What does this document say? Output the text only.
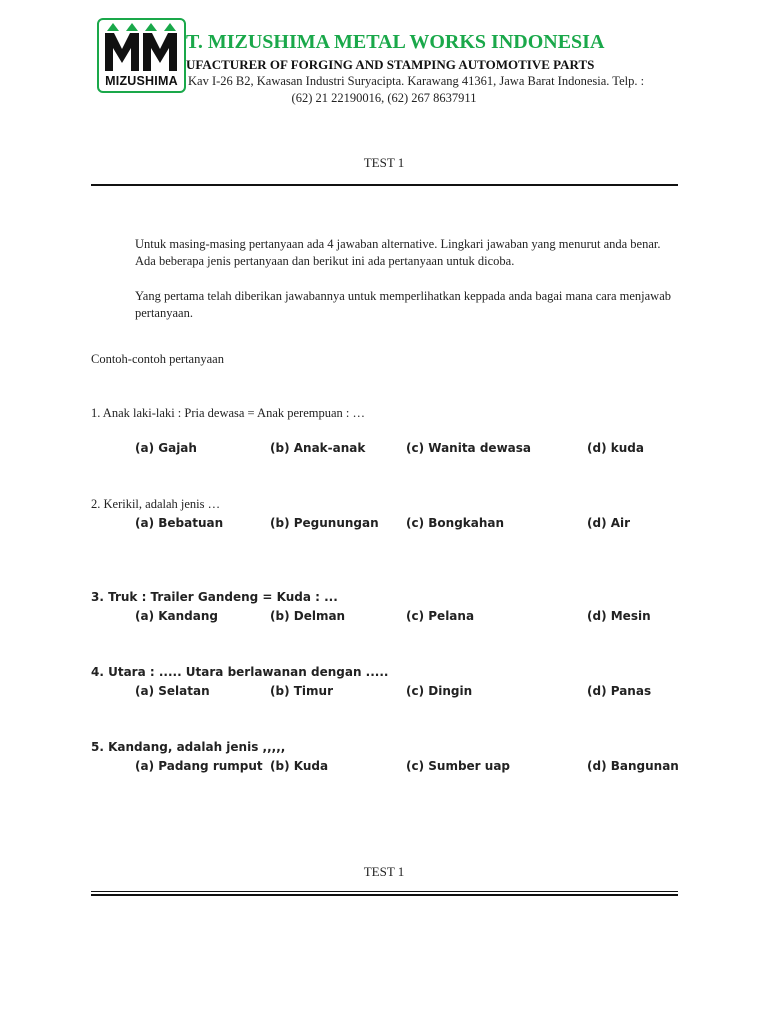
MIZUSHIMA
T. MIZUSHIMA METAL WORKS INDONESIA
UFACTURER OF FORGING AND STAMPING AUTOMOTIVE PARTS
Kav I-26 B2, Kawasan Industri Suryacipta. Karawang 41361, Jawa Barat Indonesia. Telp. :
(62) 21 22190016, (62) 267 8637911
TEST 1
Untuk masing-masing pertanyaan ada 4 jawaban alternative. Lingkari jawaban yang menurut anda benar. Ada beberapa jenis pertanyaan dan berikut ini ada pertanyaan untuk dicoba.
Yang pertama telah diberikan jawabannya untuk memperlihatkan keppada anda bagai mana cara menjawab pertanyaan.
Contoh-contoh pertanyaan
1. Anak laki-laki : Pria dewasa = Anak perempuan : …
(a) Gajah	(b) Anak-anak	(c) Wanita dewasa	(d) kuda
2. Kerikil, adalah jenis …
(a) Bebatuan	(b) Pegunungan (c) Bongkahan	(d) Air
3. Truk : Trailer Gandeng = Kuda : ...
(a) Kandang	(b) Delman	(c) Pelana	(d) Mesin
4. Utara : ..... Utara berlawanan dengan .....
(a) Selatan	(b) Timur	(c) Dingin	(d) Panas
5. Kandang, adalah jenis ,,,,,
(a) Padang rumput (b) Kuda	(c) Sumber uap	(d) Bangunan
TEST 1
